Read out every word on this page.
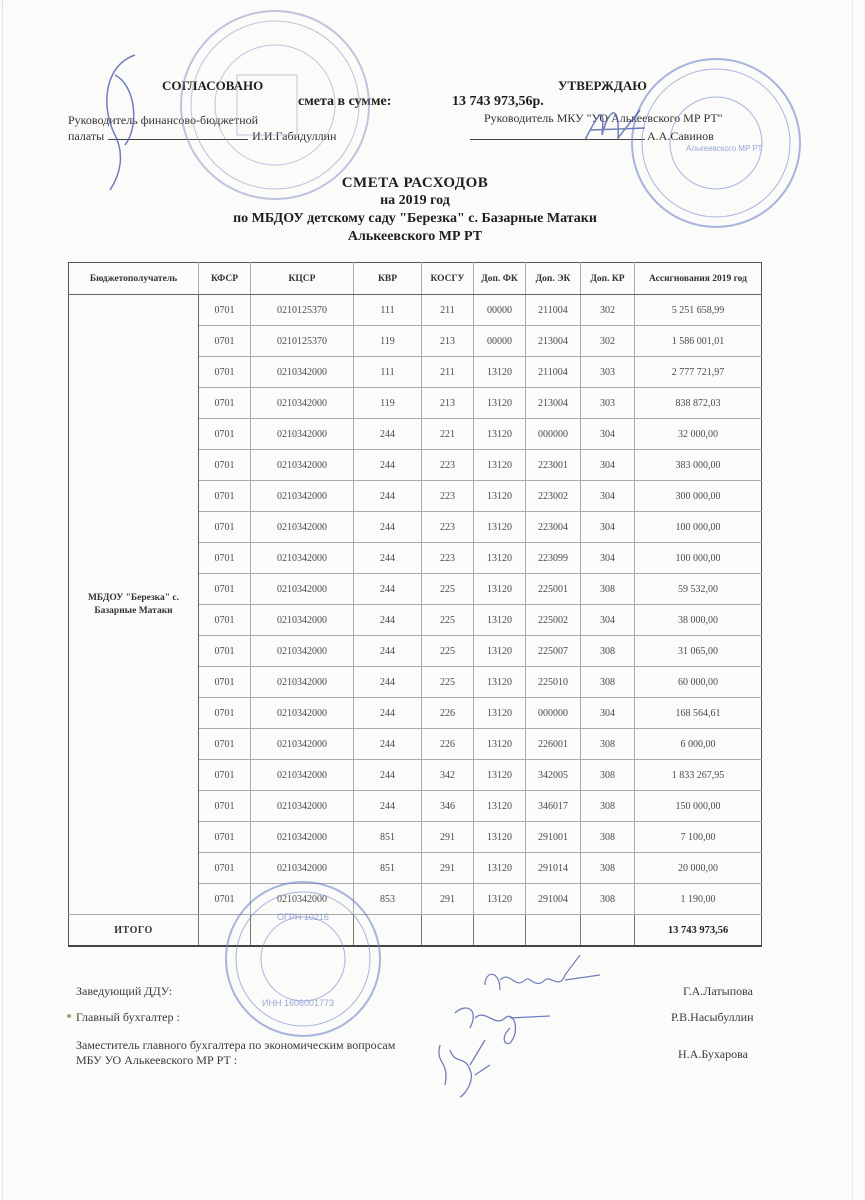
СОГЛАСОВАНО
Руководитель финансово-бюджетной
палаты	И.И.Габидуллин
смета в сумме:	13 743 973,56р.
УТВЕРЖДАЮ
Руководитель МКУ "УО Алькеевского МР РТ"
А.А.Савинов
СМЕТА РАСХОДОВ
на 2019 год
по МБДОУ детскому саду "Березка" с. Базарные Матаки
Алькеевского МР РТ
Бюджетополучатель	КФСР	КЦСР	КВР	КОСГУ	Доп. ФК	Доп. ЭК	Доп. КР	Ассигнования 2019 год
МБДОУ "Березка" с. Базарные Матаки	0701	0210125370	111	211	00000	211004	302	5 251 658,99
	0701	0210125370	119	213	00000	213004	302	1 586 001,01
	0701	0210342000	111	211	13120	211004	303	2 777 721,97
	0701	0210342000	119	213	13120	213004	303	838 872,03
	0701	0210342000	244	221	13120	000000	304	32 000,00
	0701	0210342000	244	223	13120	223001	304	383 000,00
	0701	0210342000	244	223	13120	223002	304	300 000,00
	0701	0210342000	244	223	13120	223004	304	100 000,00
	0701	0210342000	244	223	13120	223099	304	100 000,00
	0701	0210342000	244	225	13120	225001	308	59 532,00
	0701	0210342000	244	225	13120	225002	304	38 000,00
	0701	0210342000	244	225	13120	225007	308	31 065,00
	0701	0210342000	244	225	13120	225010	308	60 000,00
	0701	0210342000	244	226	13120	000000	304	168 564,61
	0701	0210342000	244	226	13120	226001	308	6 000,00
	0701	0210342000	244	342	13120	342005	308	1 833 267,95
	0701	0210342000	244	346	13120	346017	308	150 000,00
	0701	0210342000	851	291	13120	291001	308	7 100,00
	0701	0210342000	851	291	13120	291014	308	20 000,00
	0701	0210342000	853	291	13120	291004	308	1 190,00
ИТОГО								13 743 973,56
Заведующий ДДУ:	Г.А.Латыпова
Главный бухгалтер :	Р.В.Насыбуллин
Заместитель главного бухгалтера по экономическим вопросам МБУ УО Алькеевского МР РТ :	Н.А.Бухарова
Алькеевского МР РТ
ОГРН 10216
ИНН 1606001773
